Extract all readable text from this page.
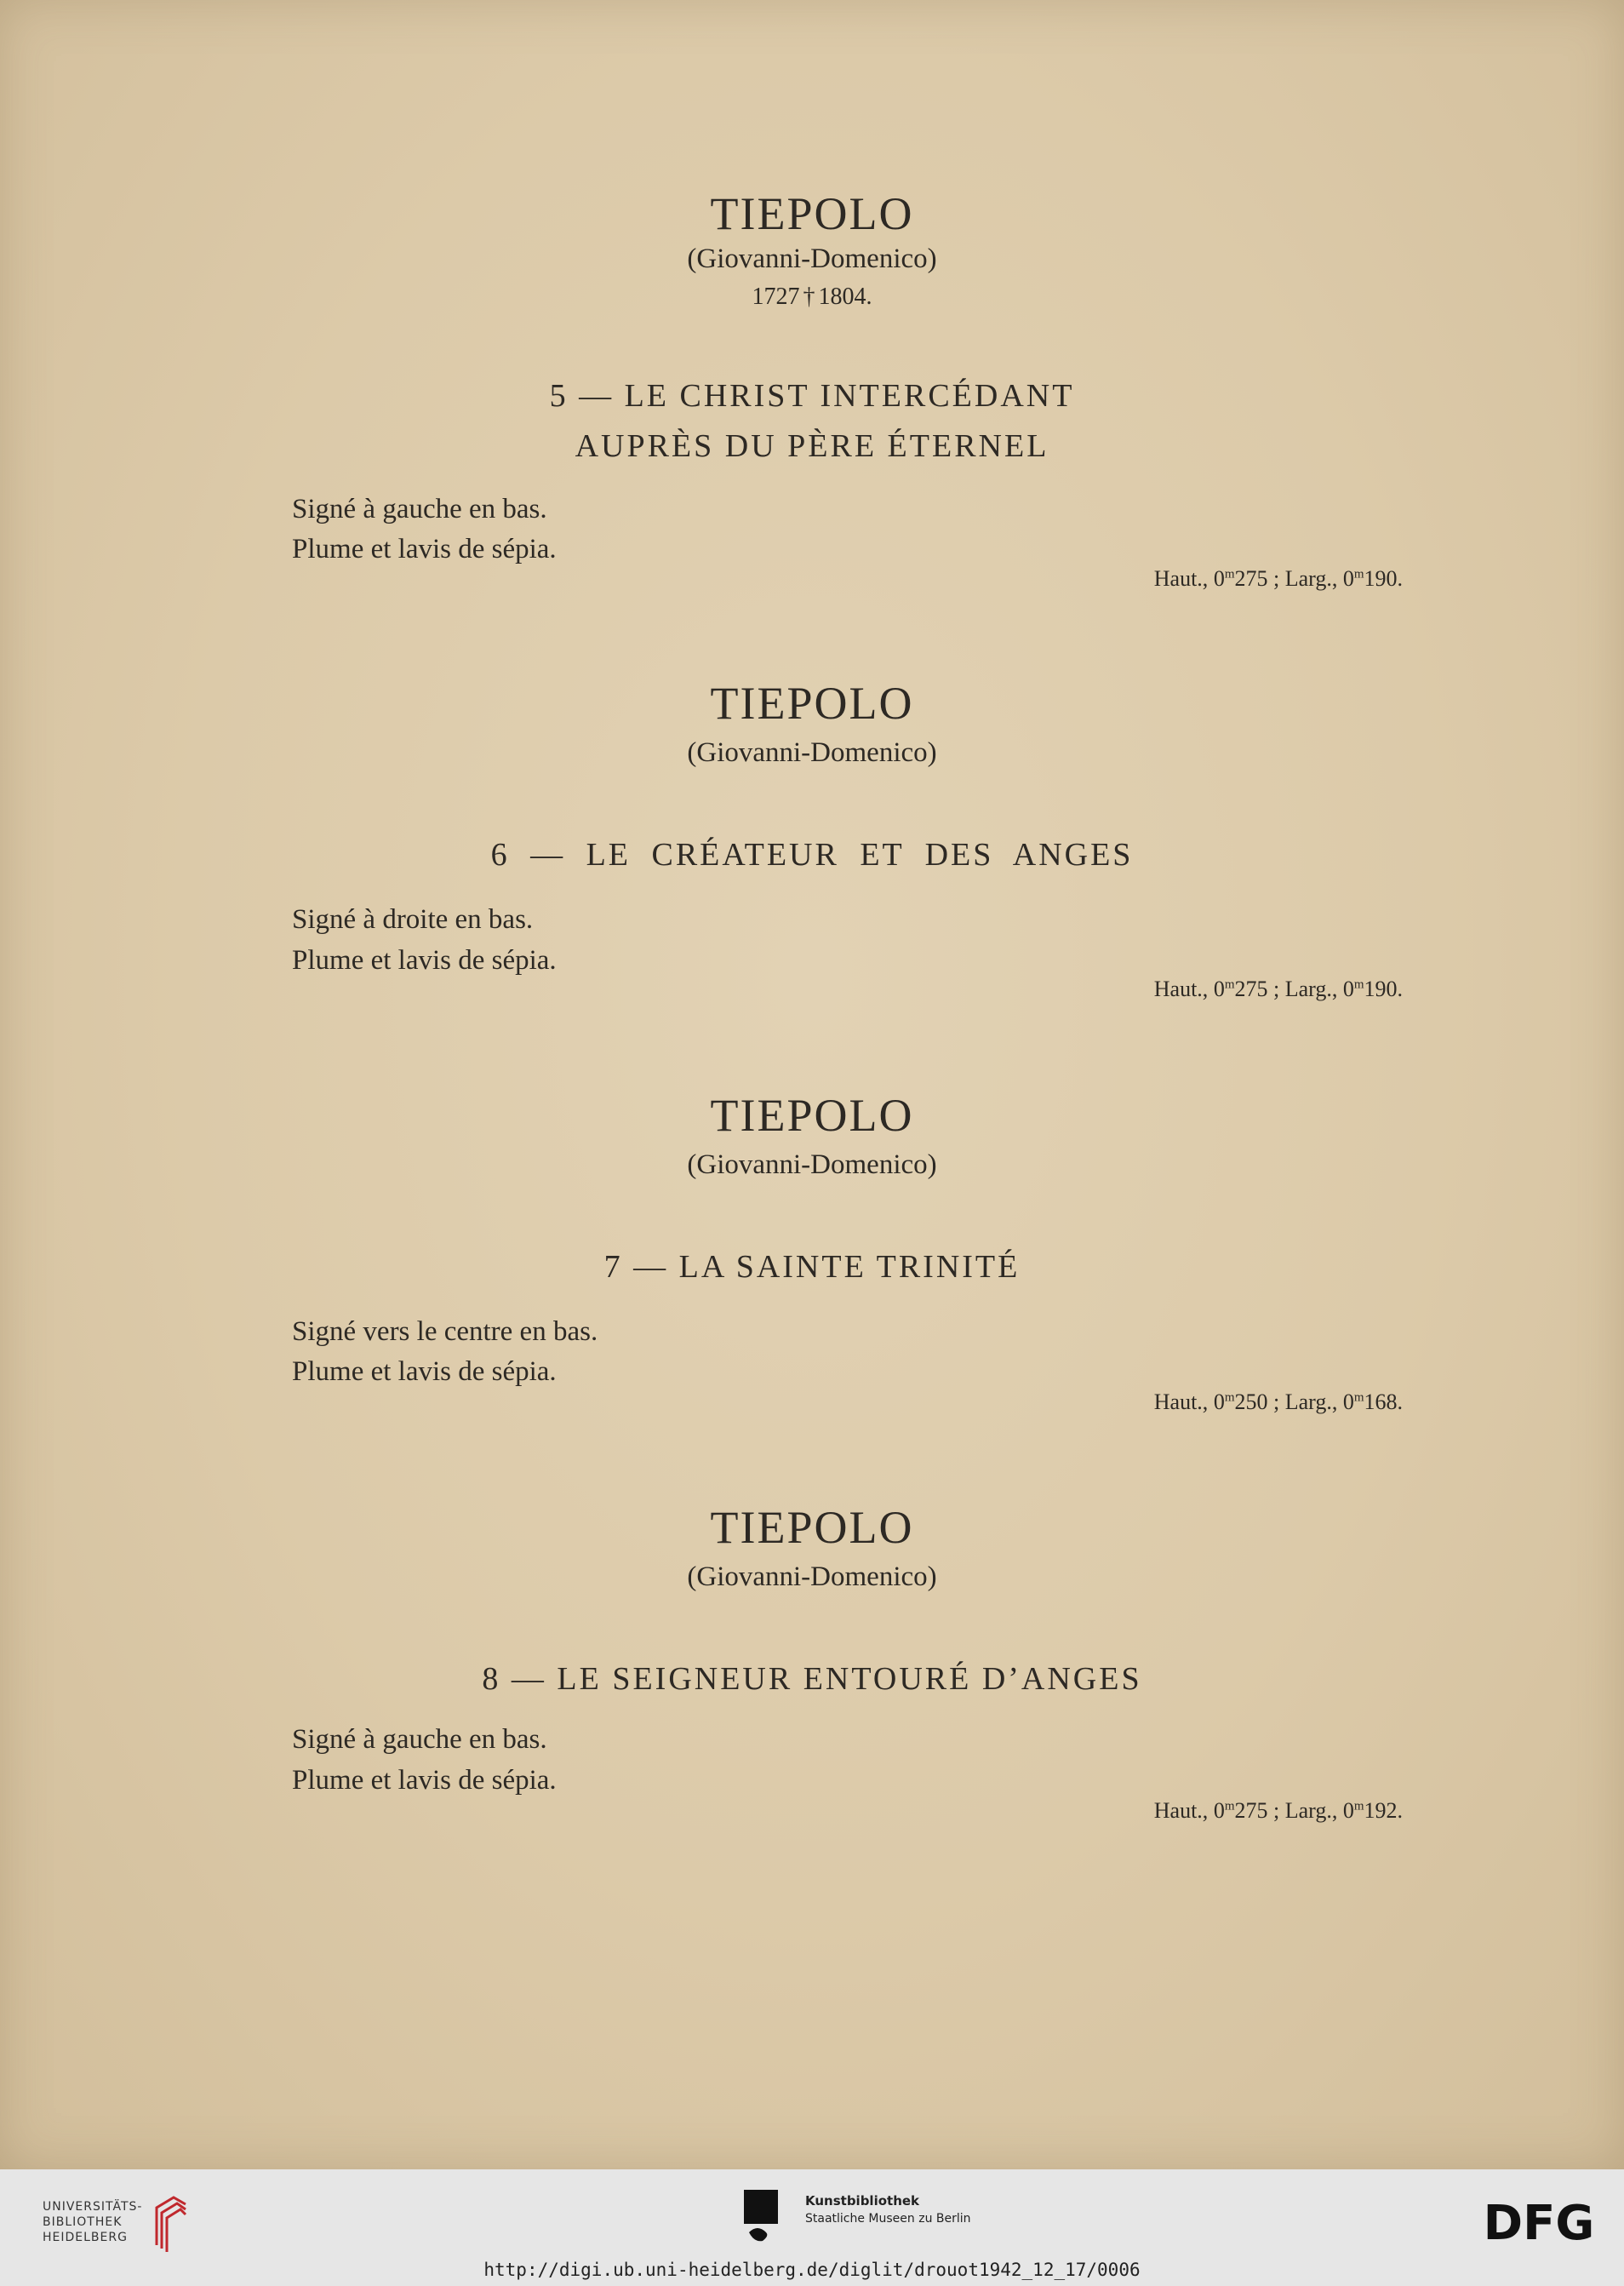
TIEPOLO
(Giovanni-Domenico)
1727 † 1804.
5 — LE CHRIST INTERCÉDANT
AUPRÈS DU PÈRE ÉTERNEL
Signé à gauche en bas.
Plume et lavis de sépia.
Haut., 0$^m$275 ; Larg., 0$^m$190.
TIEPOLO
(Giovanni-Domenico)
6 — LE CRÉATEUR ET DES ANGES
Signé à droite en bas.
Plume et lavis de sépia.
Haut., 0$^m$275 ; Larg., 0$^m$190.
TIEPOLO
(Giovanni-Domenico)
7 — LA SAINTE TRINITÉ
Signé vers le centre en bas.
Plume et lavis de sépia.
Haut., 0$^m$250 ; Larg., 0$^m$168.
TIEPOLO
(Giovanni-Domenico)
8 — LE SEIGNEUR ENTOURÉ D’ANGES
Signé à gauche en bas.
Plume et lavis de sépia.
Haut., 0$^m$275 ; Larg., 0$^m$192.
UNIVERSITÄTS-
BIBLIOTHEK
HEIDELBERG
Kunstbibliothek
Staatliche Museen zu Berlin	DFG
http://digi.ub.uni-heidelberg.de/diglit/drouot1942_12_17/0006
